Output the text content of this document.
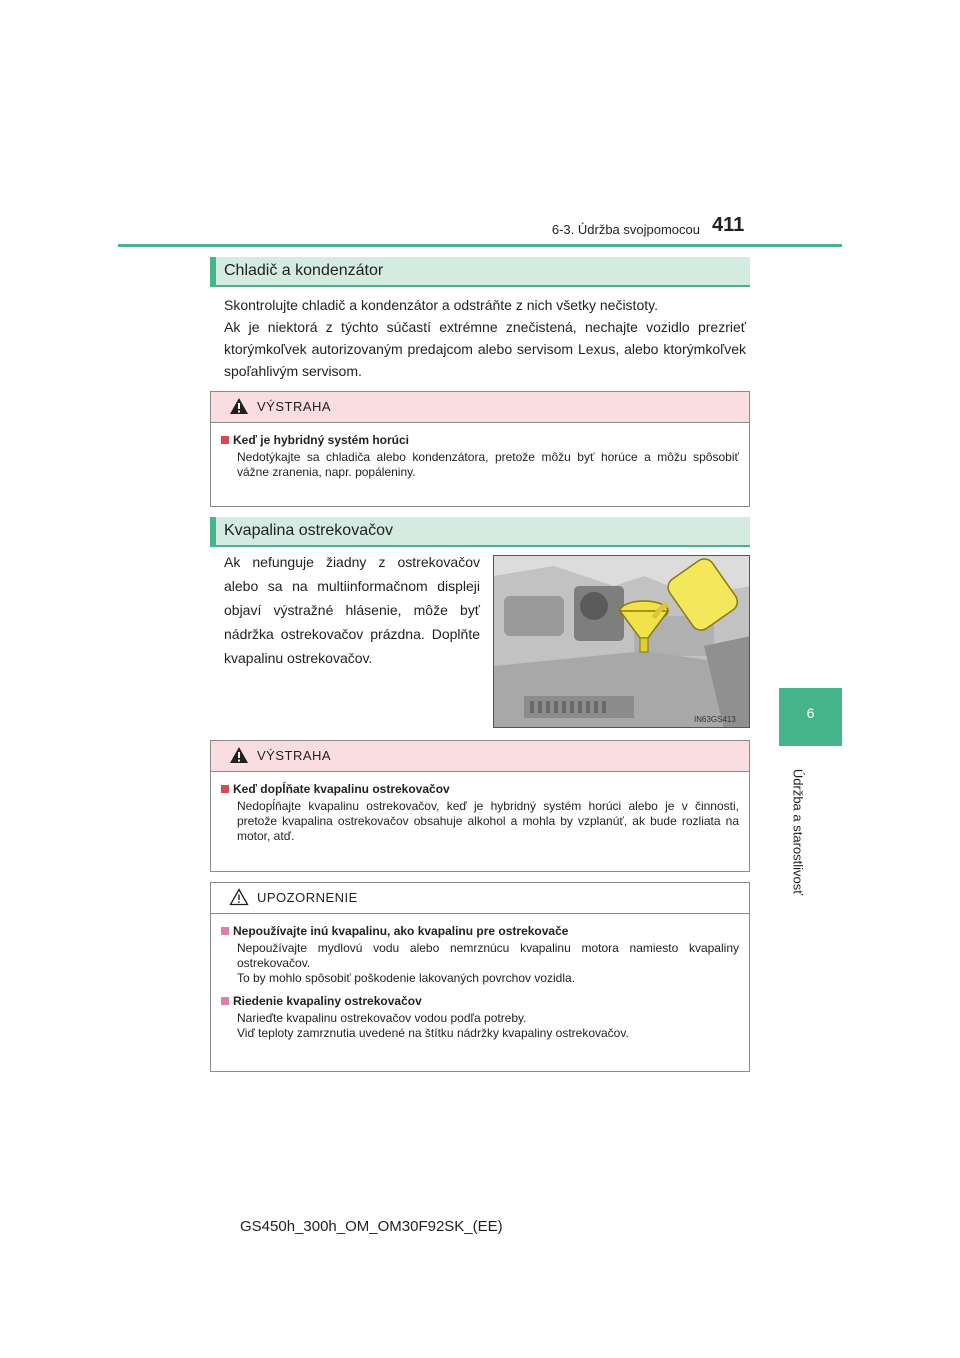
6-3. Údržba svojpomocou 411
6
Údržba a starostlivosť
Chladič a kondenzátor
Skontrolujte chladič a kondenzátor a odstráňte z nich všetky nečistoty.
Ak je niektorá z týchto súčastí extrémne znečistená, nechajte vozidlo prezrieť ktorýmkoľvek autorizovaným predajcom alebo servisom Lexus, alebo ktorýmkoľvek spoľahlivým servisom.
VÝSTRAHA
Keď je hybridný systém horúci
Nedotýkajte sa chladiča alebo kondenzátora, pretože môžu byť horúce a môžu spôsobiť vážne zranenia, napr. popáleniny.
Kvapalina ostrekovačov
Ak nefunguje žiadny z ostrekovačov alebo sa na multiinformačnom displeji objaví výstražné hlásenie, môže byť nádržka ostrekovačov prázdna. Doplňte kvapalinu ostrekovačov.
IN63GS413
VÝSTRAHA
Keď dopĺňate kvapalinu ostrekovačov
Nedopĺňajte kvapalinu ostrekovačov, keď je hybridný systém horúci alebo je v činnosti, pretože kvapalina ostrekovačov obsahuje alkohol a mohla by vzplanúť, ak bude rozliata na motor, atď.
UPOZORNENIE
Nepoužívajte inú kvapalinu, ako kvapalinu pre ostrekovače
Nepoužívajte mydlovú vodu alebo nemrznúcu kvapalinu motora namiesto kvapaliny ostrekovačov.
To by mohlo spôsobiť poškodenie lakovaných povrchov vozidla.
Riedenie kvapaliny ostrekovačov
Narieďte kvapalinu ostrekovačov vodou podľa potreby.
Viď teploty zamrznutia uvedené na štítku nádržky kvapaliny ostrekovačov.
GS450h_300h_OM_OM30F92SK_(EE)
